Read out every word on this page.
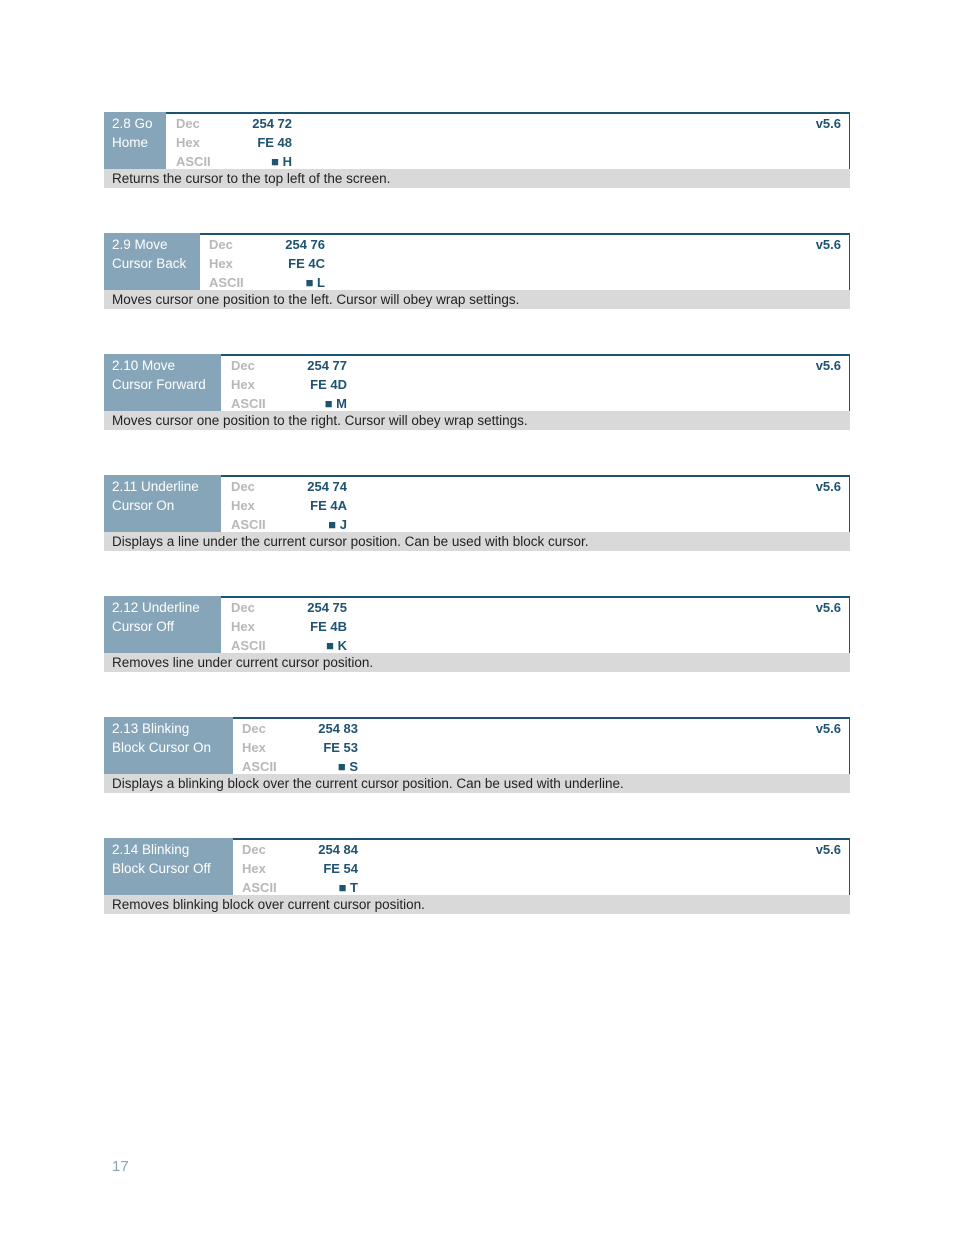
2.8 Go
Home
Dec
Hex
ASCII
254 72
FE 48
■ H
v5.6
Returns the cursor to the top left of the screen.
2.9 Move
Cursor Back
Dec
Hex
ASCII
254 76
FE 4C
■ L
v5.6
Moves cursor one position to the left. Cursor will obey wrap settings.
2.10 Move
Cursor Forward
Dec
Hex
ASCII
254 77
FE 4D
■ M
v5.6
Moves cursor one position to the right. Cursor will obey wrap settings.
2.11 Underline
Cursor On
Dec
Hex
ASCII
254 74
FE 4A
■ J
v5.6
Displays a line under the current cursor position. Can be used with block cursor.
2.12 Underline
Cursor Off
Dec
Hex
ASCII
254 75
FE 4B
■ K
v5.6
Removes line under current cursor position.
2.13 Blinking
Block Cursor On
Dec
Hex
ASCII
254 83
FE 53
■ S
v5.6
Displays a blinking block over the current cursor position. Can be used with underline.
2.14 Blinking
Block Cursor Off
Dec
Hex
ASCII
254 84
FE 54
■ T
v5.6
Removes blinking block over current cursor position.
17
